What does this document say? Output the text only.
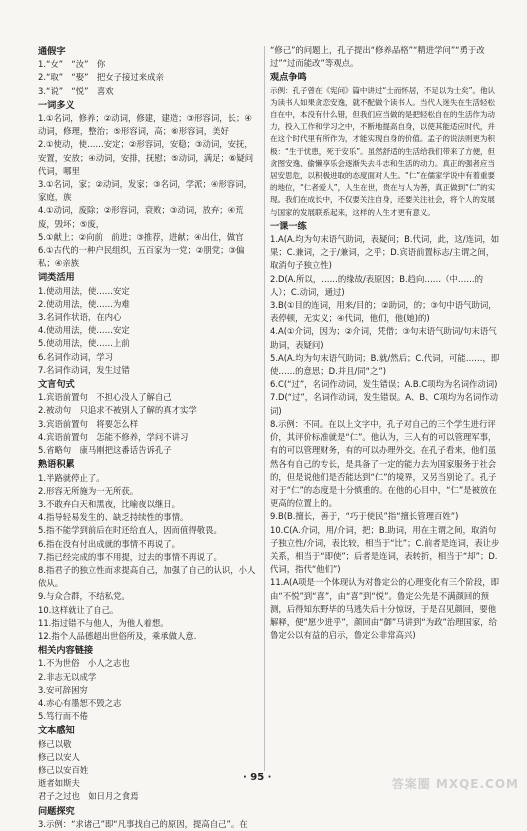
通假字
1.“女”　“汝”　你
2.“取”　“娶”　把女子接过来成亲
3.“说”　“悦”　喜欢
一词多义
1.①名词，修养；②动词，修建，建造；③形容词，长；④动词，修理，整治；⑤形容词，高；⑥形容词，美好
2.①使动，使……安定；②形容词，安稳；③动词，安抚，安置，安放；④动词，安排，抚慰；⑤动词，满足；⑥疑问代词，哪里
3.①名词，家；②动词，发家；③名词，学派；④形容词，家庭，族
4.①动词，废除；②形容词，衰败；③动词，放弃；④荒废，毁坏；⑤废，
5.①献上；②向前　前进；③推荐，进献；④出仕，做官
6.①古代的一种户民组织，五百家为一党；②朋党；③偏私；④亲族
词类活用
1.使动用法，使……安定
2.使动用法，使……为难
3.名词作状语，在内心
4.使动用法，使……安定
5.使动用法，使……上前
6.名词作动词，学习
7.名词作动词，发生过错
文言句式
1.宾语前置句　不担心没人了解自己
2.被动句　只追求不被别人了解的真才实学
3.宾语前置句　将要怎么样
4.宾语前置句　怎能不修养，学问不讲习
5.省略句　康马刚把这番话告诉孔子
熟语积累
1.半路就停止了。
2.形容无所施为一无所获。
3.不敢弃白天和黑夜，比喻夜以继日。
4.指导轻易发生的、缺乏持续性的事情。
5.指不能学到前后在时还给直人，因而值得敬畏。
6.指在没有付出成就的事情不再说了。
7.指已经完成的事不用提，过去的事情不再说了。
8.指君子的独立性而求提高自己，加强了自己的认识，小人依从。
9.与众合群，不结私党。
10.这样就让了自己。
11.指过错不与他人，为他人着想。
12.指个人品德超出世俗所及，乘承做人意.
相关内容链接
1.不为世俗　小人之志也
2.非志无以成学
3.安可辞困穷
4.赤心有墨恕不毁之志
5.笃行而不倦
文本感知
修己以敬
修己以安人
修己以安百姓
逝者如斯夫
君子之过也　如日月之食焉
问题探究
3.示例：“求诸己”即“凡事找自己的原因，提高自己”。在
“修己”的问题上，孔子提出“修养品格”“精进学问”“勇于改过”“过而能改”等观点。
观点争鸣
示例：孔子曾在《宪问》篇中讲过“士而怀居，不足以为士矣”。他认为读书人如果贪恋安逸，就不配做个读书人。当代人迷失在生活轻松自在中，本没有什么错，但我们应当做的是把轻松自在的生活作为动力，投入工作和学习之中，不断地提高自身，以使其能适应时代，并在这个时代里有所作为，才能实现自身的价值。孟子的说法则更为积极：“生于忧患，死于安乐”。虽然舒适的生活给我们带来了方便，但贪图安逸、偷懒享乐会逐渐失去斗志和生活的动力。真正的强者应当居安思危，以积极进取的态度面对人生。“仁”在儒家学说中有着重要的地位，“仁者爱人”，人生在世，贵在与人为善，真正做到“仁”的实现。我们在成长中，不仅要关注自身，还要关注社会，将个人的发展与国家的发展联系起来，这样的人生才更有意义。
一课一练
1.A(A.均为句末语气助词，表疑问；B.代词，此，这/连词，如果；C.兼词，之于/兼词，之乎；D.宾语前置标志/主谓之间，取消句子独立性)
2.D(A.所以，……的缘故/表原因；B.趋向……（中……的人）；C.动词，通过)
3.B(①目的连词，用来/目的；②助词，的；③句中语气助词，表停顿，无实义；④代词，他们，他(她)的)
4.A(①介词，因为；②介词，凭借；③句末语气助词/句末语气助词，表疑问)
5.A(A.均为句末语气助词；B.就/然后；C.代词，可能……，即使……的意思；D.并且/同“之”)
6.C(“过”，名词作动词，发生错误；A.B.C项均为名词作动词)
7.D(“过”，名词作动词，发生错误。A、B、C项均为名词作动词)
8.示例：不同。在以上文字中，孔子对自己的三个学生进行评价，其评价标准就是“仁”。他认为，三人有的可以管理军事，有的可以管理财务，有的可以办理外交。在孔子看来，他们虽然各有自己的专长，是具备了一定的能力去为国家服务于社会的，但是说他们是否能达到“仁”的境界，又另当别论了。孔子对于“仁”的态度是十分慎重的。在他的心目中，“仁”是被放在更高的位置上的。
9.B(B.擅长，善于，“巧于使民”指“擅长管理百姓”)
10.C(A.介词，用/介词，把；B.助词，用在主谓之间，取消句子独立性/介词，表比较，相当于“比”；C.前者是连词，表让步关系，相当于“即使”；后者是连词，表转折，相当于“却”；D.代词，指代“他们”)
11.A(A项是一个体现认为对鲁定公的心理变化有三个阶段，即由“不悦”到“喜”，由“喜”到“悦”。鲁定公先是不满颜回的预测，后得知东野毕的马逃失后十分惊讶，于是召见颜回，要他解释，便“愿少进乎”，颜回由“御”马讲到“为政”治理国家，给鲁定公以有益的启示，鲁定公非常高兴)
· 95 ·	答案圈 MXQE.COM
